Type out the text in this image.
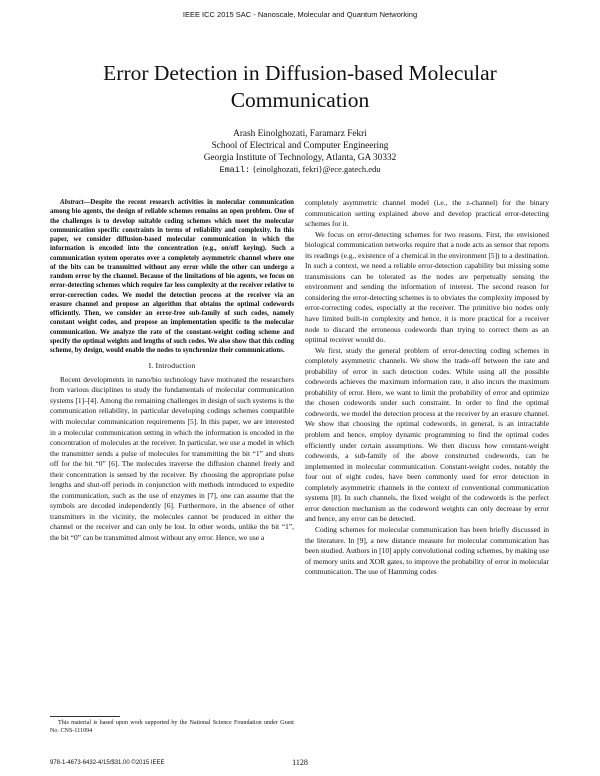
IEEE ICC 2015 SAC - Nanoscale, Molecular and Quantum Networking
Error Detection in Diffusion-based Molecular Communication
Arash Einolghozati, Faramarz Fekri
School of Electrical and Computer Engineering
Georgia Institute of Technology, Atlanta, GA 30332
Email: {einolghozati, fekri}@ece.gatech.edu

Abstract—Despite the recent research activities in molecular communication among bio agents, the design of reliable schemes remains an open problem. One of the challenges is to develop suitable coding schemes which meet the molecular communication specific constraints in terms of reliability and complexity. In this paper, we consider diffusion-based molecular communication in which the information is encoded into the concentration (e.g., on/off keying). Such a communication system operates over a completely asymmetric channel where one of the bits can be transmitted without any error while the other can undergo a random error by the channel. Because of the limitations of bio agents, we focus on error-detecting schemes which require far less complexity at the receiver relative to error-correction codes. We model the detection process at the receiver via an erasure channel and propose an algorithm that obtains the optimal codewords efficiently. Then, we consider an error-free sub-family of such codes, namely constant weight codes, and propose an implementation specific to the molecular communication. We analyze the rate of the constant-weight coding scheme and specify the optimal weights and lengths of such codes. We also show that this coding scheme, by design, would enable the nodes to synchronize their communications.

I. Introduction

Recent developments in nano/bio technology have motivated the researchers from various disciplines to study the fundamentals of molecular communication systems [1]–[4]. Among the remaining challenges in design of such systems is the communication reliability, in particular developing codings schemes compatible with molecular communication requirements [5]. In this paper, we are interested in a molecular communication setting in which the information is encoded in the concentration of molecules at the receiver. In particular, we use a model in which the transmitter sends a pulse of molecules for transmitting the bit “1” and shuts off for the bit “0” [6]. The molecules traverse the diffusion channel freely and their concentration is sensed by the receiver. By choosing the appropriate pulse lengths and shut-off periods in conjunction with methods introduced to expedite the communication, such as the use of enzymes in [7], one can assume that the symbols are decoded independently [6]. Furthermore, in the absence of other transmitters in the vicinity, the molecules cannot be produced in either the channel or the receiver and can only be lost. In other words, unlike the bit “1”, the bit “0” can be transmitted almost without any error. Hence, we use a

completely asymmetric channel model (i.e., the z-channel) for the binary communication setting explained above and develop practical error-detecting schemes for it.

We focus on error-detecting schemes for two reasons. First, the envisioned biological communication networks require that a node acts as sensor that reports its readings (e.g., existence of a chemical in the environment [5]) to a destination. In such a context, we need a reliable error-detection capability but missing some transmissions can be tolerated as the nodes are perpetually sensing the environment and sending the information of interest. The second reason for considering the error-detecting schemes is to obviates the complexity imposed by error-correcting codes, especially at the receiver. The primitive bio nodes only have limited built-in complexity and hence, it is more practical for a receiver node to discard the erroneous codewords than trying to correct them as an optimal receiver would do.

We first, study the general problem of error-detecting coding schemes in completely asymmetric channels. We show the trade-off between the rate and probability of error in such detection codes. While using all the possible codewords achieves the maximum information rate, it also incurs the maximum probability of error. Here, we want to limit the probability of error and optimize the chosen codewords under such constraint. In order to find the optimal codewords, we model the detection process at the receiver by an erasure channel. We show that choosing the optimal codewords, in general, is an intractable problem and hence, employ dynamic programming to find the optimal codes efficiently under certain assumptions. We then discuss how constant-weight codewords, a sub-family of the above constructed codewords, can be implemented in molecular communication. Constant-weight codes, notably the four out of eight codes, have been commonly used for error detection in completely asymmetric channels in the context of conventional communication systems [8]. In such channels, the fixed weight of the codewords is the perfect error detection mechanism as the codeword weights can only decrease by error and hence, any error can be detected.

Coding schemes for molecular communication has been briefly discussed in the literature. In [9], a new distance measure for molecular communication has been studied. Authors in [10] apply convolutional coding schemes, by making use of memory units and XOR gates, to improve the probability of error in molecular communication. The use of Hamming codes

This material is based upon work supported by the National Science Foundation under Grant No. CNS-111094
978-1-4673-6432-4/15/$31.00 ©2015 IEEE	1128
